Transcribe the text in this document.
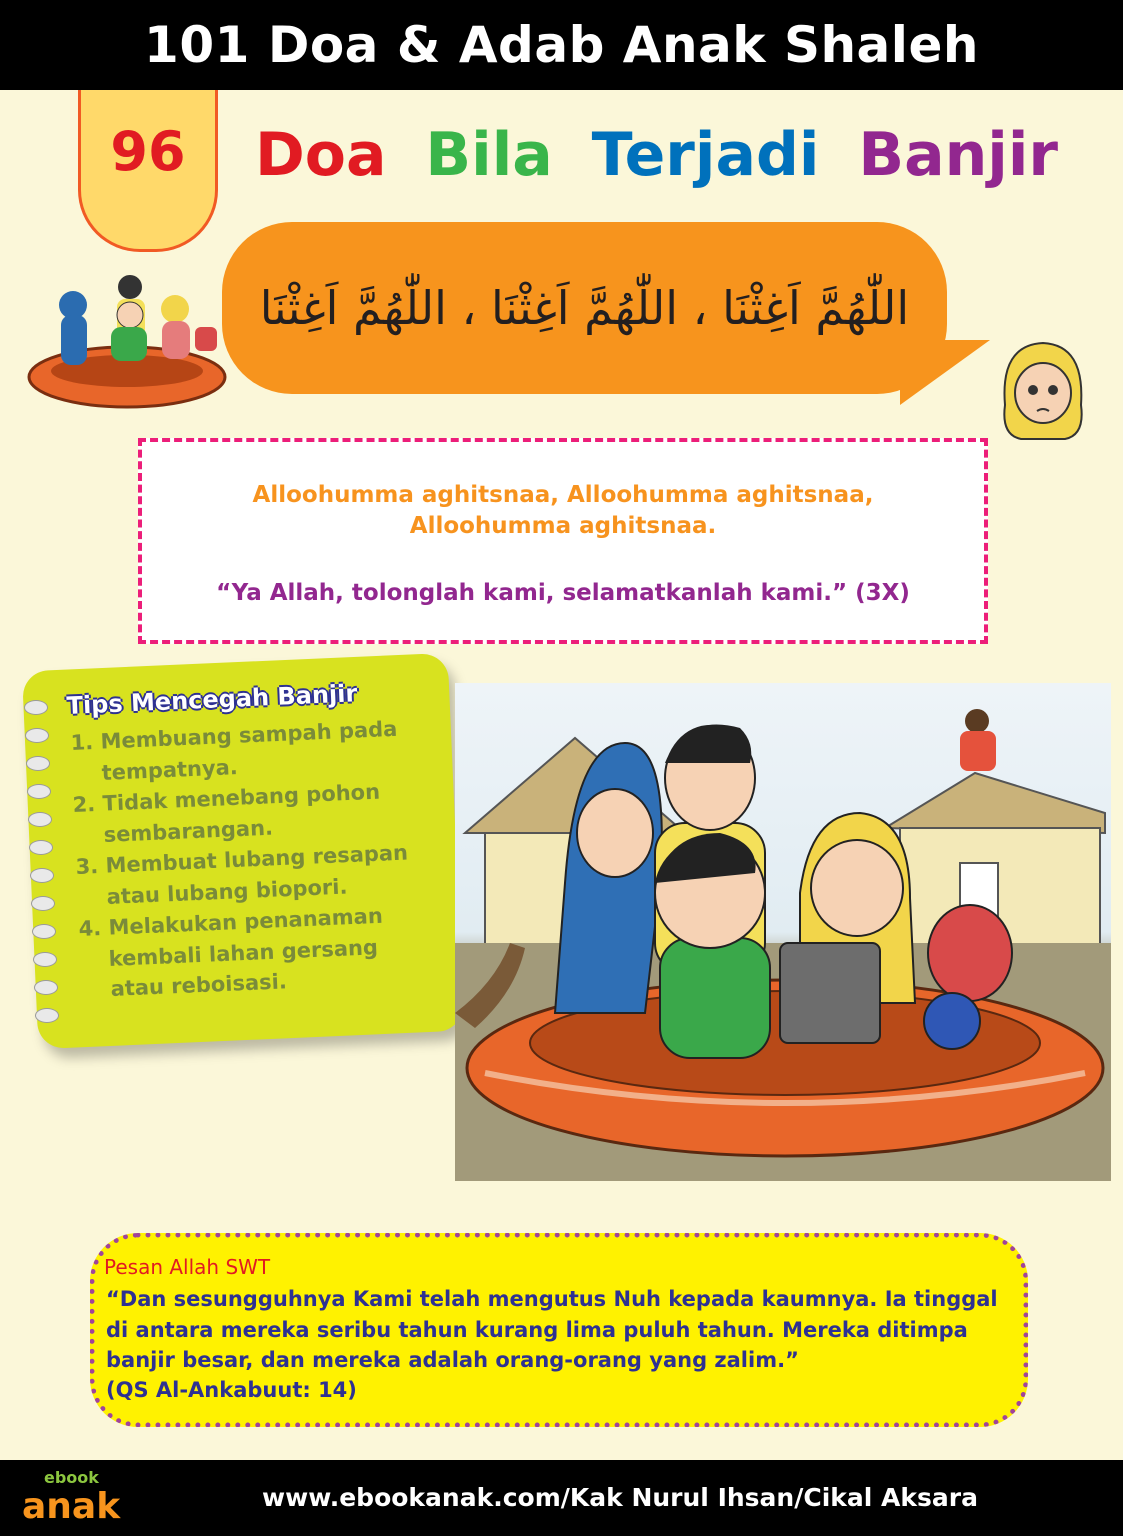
101 Doa & Adab Anak Shaleh
96	Doa Bila Terjadi Banjir
اللّٰهُمَّ اَغِثْنَا ، اللّٰهُمَّ اَغِثْنَا ، اللّٰهُمَّ اَغِثْنَا
Alloohumma aghitsnaa, Alloohumma aghitsnaa,
Alloohumma aghitsnaa.
“Ya Allah, tolonglah kami, selamatkanlah kami.” (3X)
Tips Mencegah Banjir
1. Membuang sampah pada
tempatnya.
2. Tidak menebang pohon
sembarangan.
3. Membuat lubang resapan
atau lubang biopori.
4. Melakukan penanaman
kembali lahan gersang
atau reboisasi.
Pesan Allah SWT
“Dan sesungguhnya Kami telah mengutus Nuh kepada kaumnya. Ia tinggal
di antara mereka seribu tahun kurang lima puluh tahun. Mereka ditimpa
banjir besar, dan mereka adalah orang-orang yang zalim.”
(QS Al-Ankabuut: 14)
ebook
anak	www.ebookanak.com/Kak Nurul Ihsan/Cikal Aksara
